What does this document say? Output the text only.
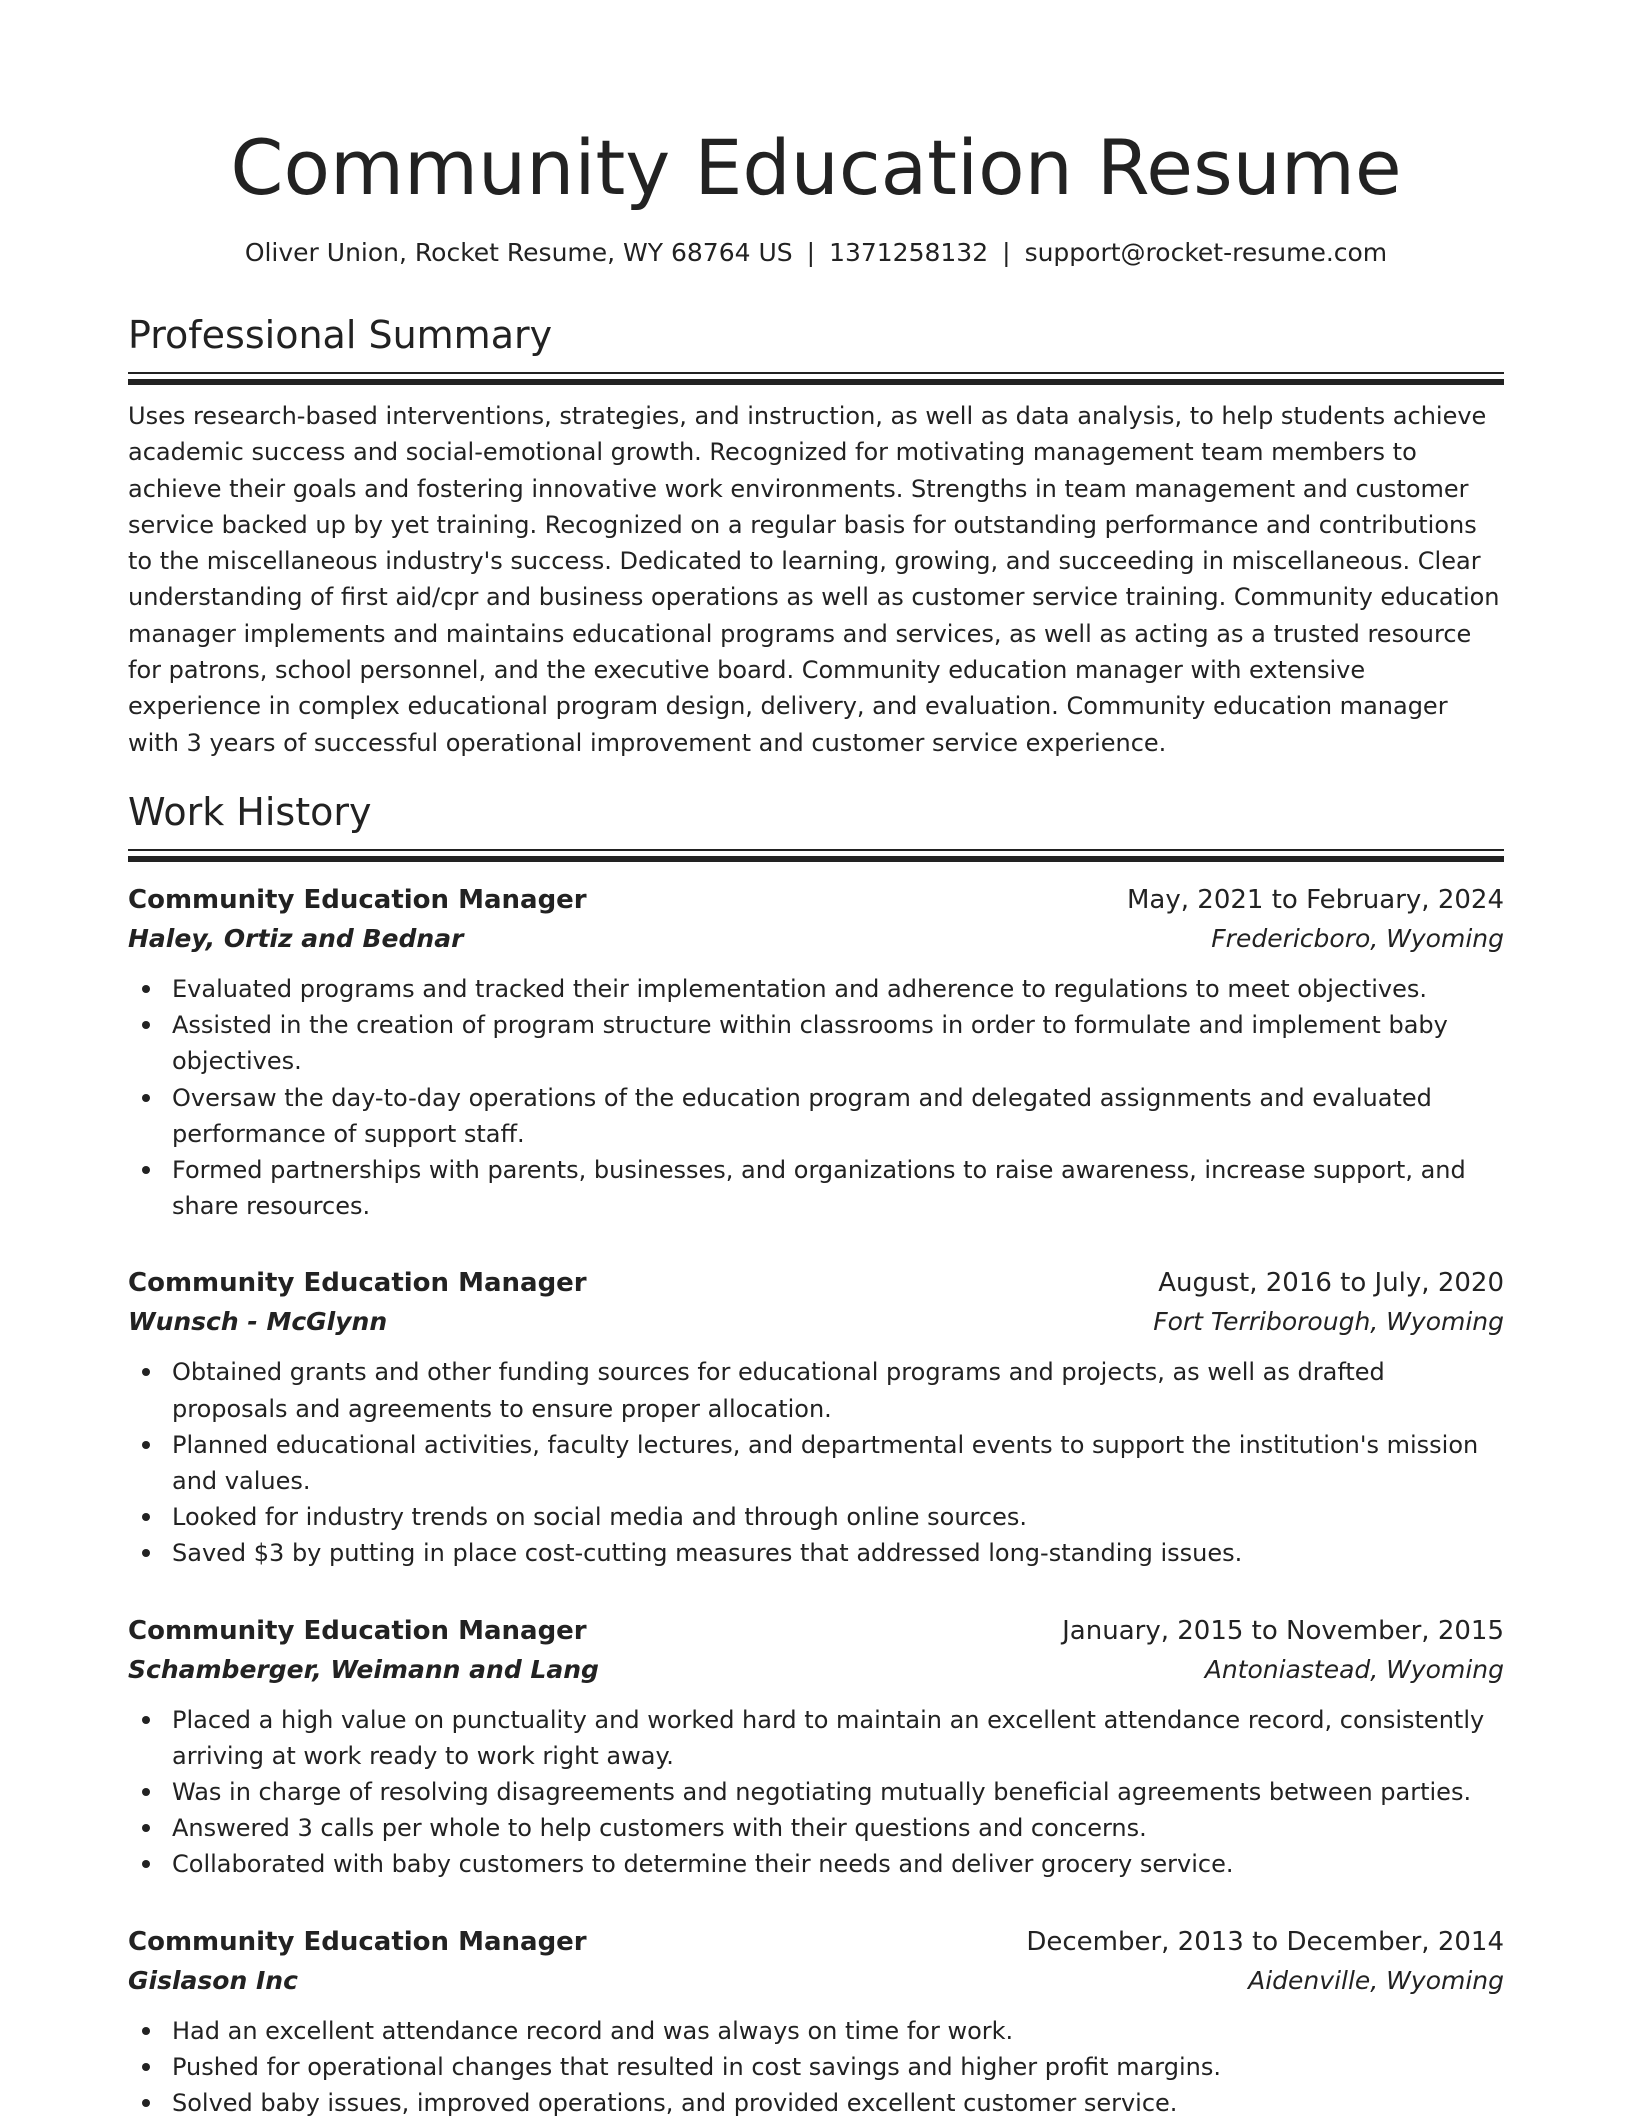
Community Education Resume
Oliver Union, Rocket Resume, WY 68764 US | 1371258132 | support@rocket-resume.com
Professional Summary

Uses research-based interventions, strategies, and instruction, as well as data analysis, to help students achieve academic success and social-emotional growth. Recognized for motivating management team members to achieve their goals and fostering innovative work environments. Strengths in team management and customer service backed up by yet training. Recognized on a regular basis for outstanding performance and contributions to the miscellaneous industry's success. Dedicated to learning, growing, and succeeding in miscellaneous. Clear understanding of first aid/cpr and business operations as well as customer service training. Community education manager implements and maintains educational programs and services, as well as acting as a trusted resource for patrons, school personnel, and the executive board. Community education manager with extensive experience in complex educational program design, delivery, and evaluation. Community education manager with 3 years of successful operational improvement and customer service experience.

Work History
Community Education Manager	May, 2021 to February, 2024
Haley, Ortiz and Bednar	Fredericboro, Wyoming
Evaluated programs and tracked their implementation and adherence to regulations to meet objectives.
Assisted in the creation of program structure within classrooms in order to formulate and implement baby objectives.
Oversaw the day-to-day operations of the education program and delegated assignments and evaluated performance of support staff.
Formed partnerships with parents, businesses, and organizations to raise awareness, increase support, and share resources.
Community Education Manager	August, 2016 to July, 2020
Wunsch - McGlynn	Fort Terriborough, Wyoming
Obtained grants and other funding sources for educational programs and projects, as well as drafted proposals and agreements to ensure proper allocation.
Planned educational activities, faculty lectures, and departmental events to support the institution's mission and values.
Looked for industry trends on social media and through online sources.
Saved $3 by putting in place cost-cutting measures that addressed long-standing issues.
Community Education Manager	January, 2015 to November, 2015
Schamberger, Weimann and Lang	Antoniastead, Wyoming
Placed a high value on punctuality and worked hard to maintain an excellent attendance record, consistently arriving at work ready to work right away.
Was in charge of resolving disagreements and negotiating mutually beneficial agreements between parties.
Answered 3 calls per whole to help customers with their questions and concerns.
Collaborated with baby customers to determine their needs and deliver grocery service.
Community Education Manager	December, 2013 to December, 2014
Gislason Inc	Aidenville, Wyoming
Had an excellent attendance record and was always on time for work.
Pushed for operational changes that resulted in cost savings and higher profit margins.
Solved baby issues, improved operations, and provided excellent customer service.
